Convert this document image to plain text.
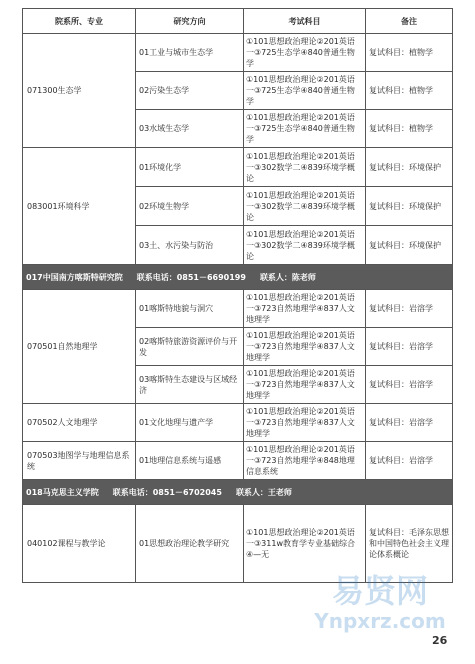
院系所、专业	研究方向	考试科目	备注
071300生态学	01工业与城市生态学	①101思想政治理论②201英语一③725生态学④840普通生物学	复试科目：植物学
	02污染生态学	①101思想政治理论②201英语一③725生态学④840普通生物学	复试科目：植物学
	03水域生态学	①101思想政治理论②201英语一③725生态学④840普通生物学	复试科目：植物学
083001环境科学	01环境化学	①101思想政治理论②201英语一③302数学二④839环境学概论	复试科目：环境保护
	02环境生物学	①101思想政治理论②201英语一③302数学二④839环境学概论	复试科目：环境保护
	03土、水污染与防治	①101思想政治理论②201英语一③302数学二④839环境学概论	复试科目：环境保护

017中国南方喀斯特研究院 联系电话：0851－6690199 联系人：陈老师			

070501自然地理学	01喀斯特地貌与洞穴	①101思想政治理论②201英语一③723自然地理学④837人文地理学	复试科目：岩溶学
	02喀斯特旅游资源评价与开发	①101思想政治理论②201英语一③723自然地理学④837人文地理学	复试科目：岩溶学
	03喀斯特生态建设与区域经济	①101思想政治理论②201英语一③723自然地理学④837人文地理学	复试科目：岩溶学
070502人文地理学	01文化地理与遗产学	①101思想政治理论②201英语一③723自然地理学④837人文地理学	复试科目：岩溶学
070503地图学与地理信息系统	01地理信息系统与遥感	①101思想政治理论②201英语一③723自然地理学④848地理信息系统	复试科目：岩溶学

018马克思主义学院 联系电话：0851－6702045 联系人：王老师			

040102课程与教学论	01思想政治理论教学研究	①101思想政治理论②201英语一③311w教育学专业基础综合④—无	复试科目：毛泽东思想和中国特色社会主义理论体系概论
易贤网
Ynpxrz.com
26
